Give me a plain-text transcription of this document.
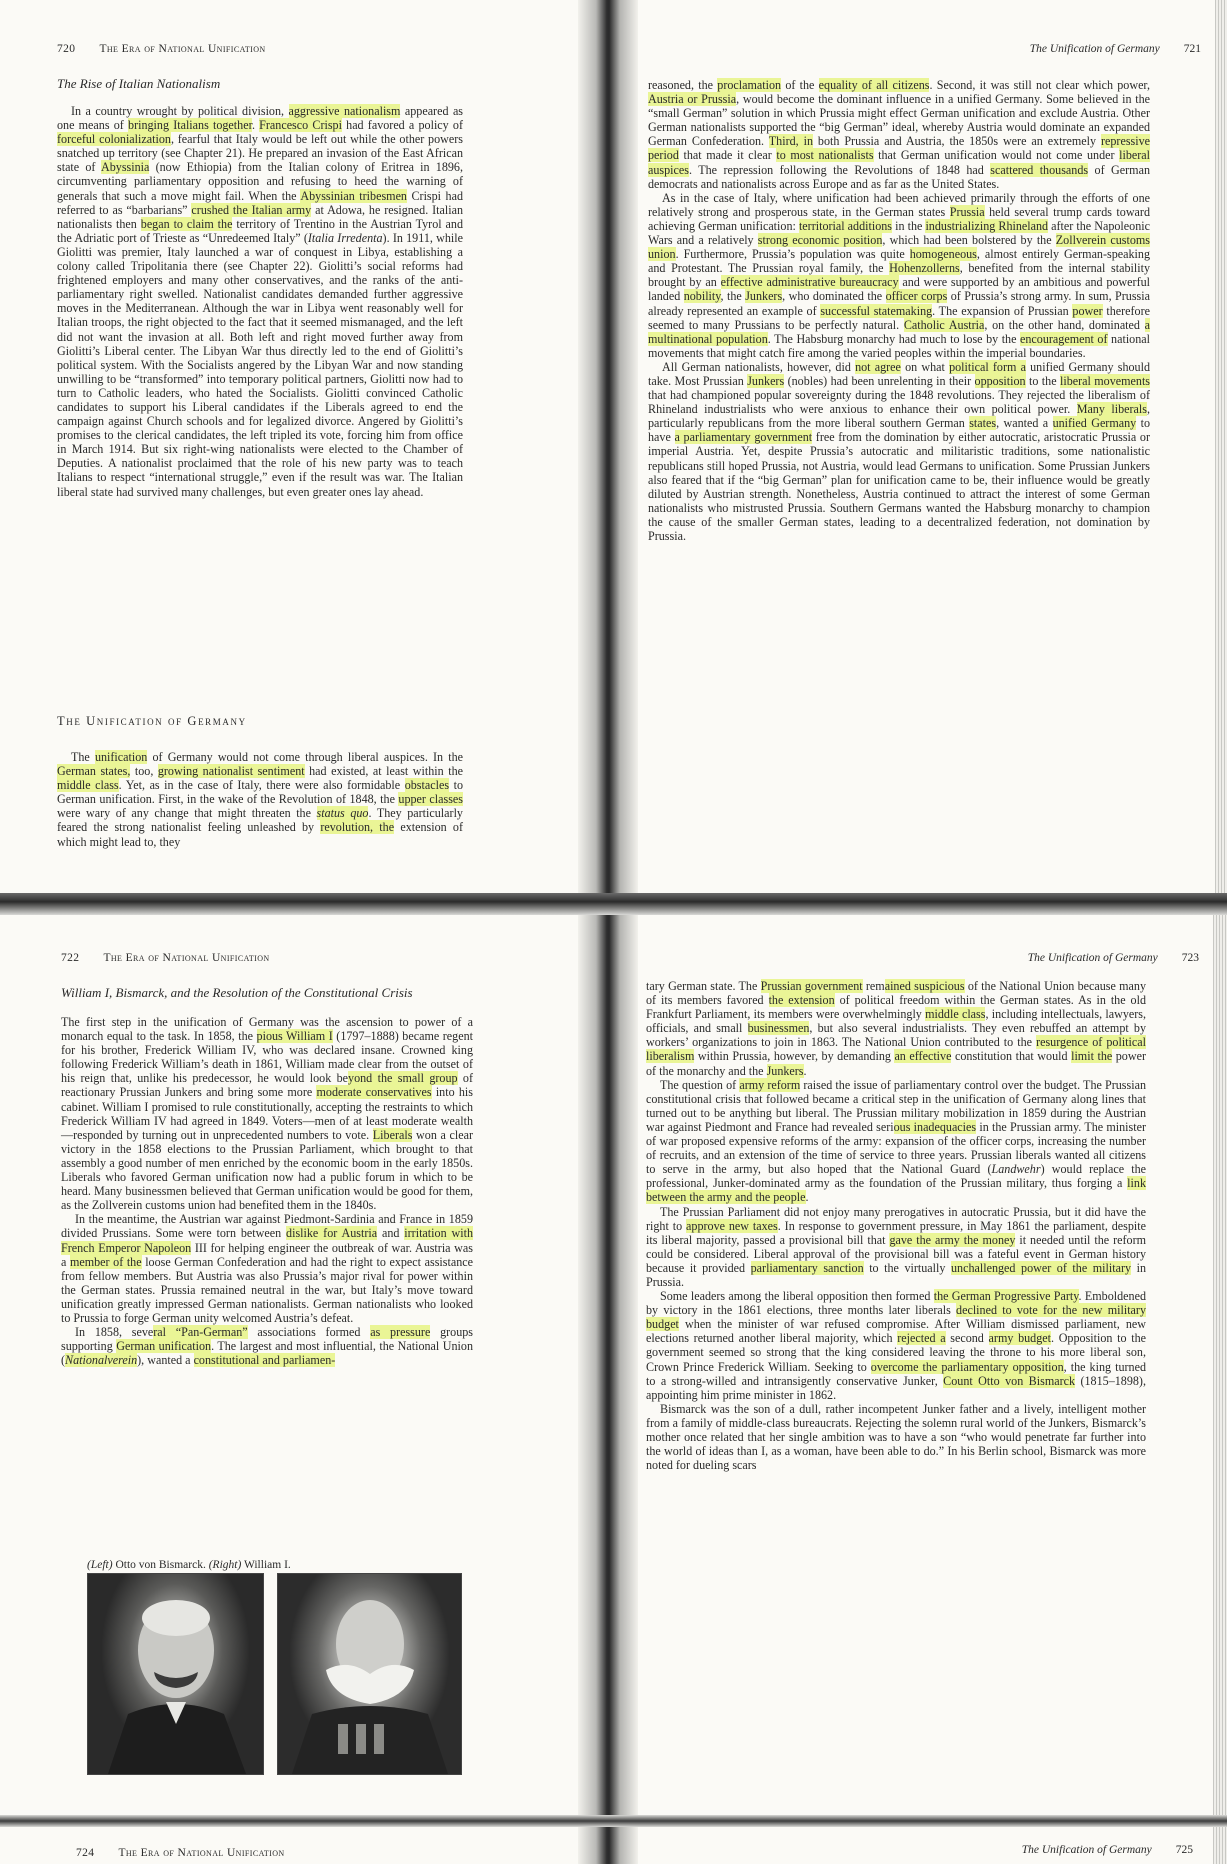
720 The Era of National Unification
The Rise of Italian Nationalism

In a country wrought by political division, aggressive nationalism appeared as one means of bringing Italians together. Francesco Crispi had favored a policy of forceful colonialization, fearful that Italy would be left out while the other powers snatched up territory (see Chapter 21). He prepared an invasion of the East African state of Abyssinia (now Ethiopia) from the Italian colony of Eritrea in 1896, circumventing parliamentary opposition and refusing to heed the warning of generals that such a move might fail. When the Abyssinian tribesmen Crispi had referred to as “barbarians” crushed the Italian army at Adowa, he resigned. Italian nationalists then began to claim the territory of Trentino in the Austrian Tyrol and the Adriatic port of Trieste as “Unredeemed Italy” (Italia Irredenta). In 1911, while Giolitti was premier, Italy launched a war of conquest in Libya, establishing a colony called Tripolitania there (see Chapter 22). Giolitti’s social reforms had frightened employers and many other conservatives, and the ranks of the anti-parliamentary right swelled. Nationalist candidates demanded further aggressive moves in the Mediterranean. Although the war in Libya went reasonably well for Italian troops, the right objected to the fact that it seemed mismanaged, and the left did not want the invasion at all. Both left and right moved further away from Giolitti’s Liberal center. The Libyan War thus directly led to the end of Giolitti’s political system. With the Socialists angered by the Libyan War and now standing unwilling to be “transformed” into temporary political partners, Giolitti now had to turn to Catholic leaders, who hated the Socialists. Giolitti convinced Catholic candidates to support his Liberal candidates if the Liberals agreed to end the campaign against Church schools and for legalized divorce. Angered by Giolitti’s promises to the clerical candidates, the left tripled its vote, forcing him from office in March 1914. But six right-wing nationalists were elected to the Chamber of Deputies. A nationalist proclaimed that the role of his new party was to teach Italians to respect “international struggle,” even if the result was war. The Italian liberal state had survived many challenges, but even greater ones lay ahead.

The Unification of Germany

The unification of Germany would not come through liberal auspices. In the German states, too, growing nationalist sentiment had existed, at least within the middle class. Yet, as in the case of Italy, there were also formidable obstacles to German unification. First, in the wake of the Revolution of 1848, the upper classes were wary of any change that might threaten the status quo. They particularly feared the strong nationalist feeling unleashed by revolution, the extension of which might lead to, they

The Unification of Germany 721

reasoned, the proclamation of the equality of all citizens. Second, it was still not clear which power, Austria or Prussia, would become the dominant influence in a unified Germany. Some believed in the “small German” solution in which Prussia might effect German unification and exclude Austria. Other German nationalists supported the “big German” ideal, whereby Austria would dominate an expanded German Confederation. Third, in both Prussia and Austria, the 1850s were an extremely repressive period that made it clear to most nationalists that German unification would not come under liberal auspices. The repression following the Revolutions of 1848 had scattered thousands of German democrats and nationalists across Europe and as far as the United States.

As in the case of Italy, where unification had been achieved primarily through the efforts of one relatively strong and prosperous state, in the German states Prussia held several trump cards toward achieving German unification: territorial additions in the industrializing Rhineland after the Napoleonic Wars and a relatively strong economic position, which had been bolstered by the Zollverein customs union. Furthermore, Prussia’s population was quite homogeneous, almost entirely German-speaking and Protestant. The Prussian royal family, the Hohenzollerns, benefited from the internal stability brought by an effective administrative bureaucracy and were supported by an ambitious and powerful landed nobility, the Junkers, who dominated the officer corps of Prussia’s strong army. In sum, Prussia already represented an example of successful statemaking. The expansion of Prussian power therefore seemed to many Prussians to be perfectly natural. Catholic Austria, on the other hand, dominated a multinational population. The Habsburg monarchy had much to lose by the encouragement of national movements that might catch fire among the varied peoples within the imperial boundaries.

All German nationalists, however, did not agree on what political form a unified Germany should take. Most Prussian Junkers (nobles) had been unrelenting in their opposition to the liberal movements that had championed popular sovereignty during the 1848 revolutions. They rejected the liberalism of Rhineland industrialists who were anxious to enhance their own political power. Many liberals, particularly republicans from the more liberal southern German states, wanted a unified Germany to have a parliamentary government free from the domination by either autocratic, aristocratic Prussia or imperial Austria. Yet, despite Prussia’s autocratic and militaristic traditions, some nationalistic republicans still hoped Prussia, not Austria, would lead Germans to unification. Some Prussian Junkers also feared that if the “big German” plan for unification came to be, their influence would be greatly diluted by Austrian strength. Nonetheless, Austria continued to attract the interest of some German nationalists who mistrusted Prussia. Southern Germans wanted the Habsburg monarchy to champion the cause of the smaller German states, leading to a decentralized federation, not domination by Prussia.

722 The Era of National Unification
William I, Bismarck, and the Resolution of the Constitutional Crisis

The first step in the unification of Germany was the ascension to power of a monarch equal to the task. In 1858, the pious William I (1797–1888) became regent for his brother, Frederick William IV, who was declared insane. Crowned king following Frederick William’s death in 1861, William made clear from the outset of his reign that, unlike his predecessor, he would look beyond the small group of reactionary Prussian Junkers and bring some more moderate conservatives into his cabinet. William I promised to rule constitutionally, accepting the restraints to which Frederick William IV had agreed in 1849. Voters—men of at least moderate wealth—responded by turning out in unprecedented numbers to vote. Liberals won a clear victory in the 1858 elections to the Prussian Parliament, which brought to that assembly a good number of men enriched by the economic boom in the early 1850s. Liberals who favored German unification now had a public forum in which to be heard. Many businessmen believed that German unification would be good for them, as the Zollverein customs union had benefited them in the 1840s.

In the meantime, the Austrian war against Piedmont-Sardinia and France in 1859 divided Prussians. Some were torn between dislike for Austria and irritation with French Emperor Napoleon III for helping engineer the outbreak of war. Austria was a member of the loose German Confederation and had the right to expect assistance from fellow members. But Austria was also Prussia’s major rival for power within the German states. Prussia remained neutral in the war, but Italy’s move toward unification greatly impressed German nationalists. German nationalists who looked to Prussia to forge German unity welcomed Austria’s defeat.

In 1858, several “Pan-German” associations formed as pressure groups supporting German unification. The largest and most influential, the National Union (Nationalverein), wanted a constitutional and parliamen-

(Left) Otto von Bismarck. (Right) William I.

The Unification of Germany 723

tary German state. The Prussian government remained suspicious of the National Union because many of its members favored the extension of political freedom within the German states. As in the old Frankfurt Parliament, its members were overwhelmingly middle class, including intellectuals, lawyers, officials, and small businessmen, but also several industrialists. They even rebuffed an attempt by workers’ organizations to join in 1863. The National Union contributed to the resurgence of political liberalism within Prussia, however, by demanding an effective constitution that would limit the power of the monarchy and the Junkers.

The question of army reform raised the issue of parliamentary control over the budget. The Prussian constitutional crisis that followed became a critical step in the unification of Germany along lines that turned out to be anything but liberal. The Prussian military mobilization in 1859 during the Austrian war against Piedmont and France had revealed serious inadequacies in the Prussian army. The minister of war proposed expensive reforms of the army: expansion of the officer corps, increasing the number of recruits, and an extension of the time of service to three years. Prussian liberals wanted all citizens to serve in the army, but also hoped that the National Guard (Landwehr) would replace the professional, Junker-dominated army as the foundation of the Prussian military, thus forging a link between the army and the people.

The Prussian Parliament did not enjoy many prerogatives in autocratic Prussia, but it did have the right to approve new taxes. In response to government pressure, in May 1861 the parliament, despite its liberal majority, passed a provisional bill that gave the army the money it needed until the reform could be considered. Liberal approval of the provisional bill was a fateful event in German history because it provided parliamentary sanction to the virtually unchallenged power of the military in Prussia.

Some leaders among the liberal opposition then formed the German Progressive Party. Emboldened by victory in the 1861 elections, three months later liberals declined to vote for the new military budget when the minister of war refused compromise. After William dismissed parliament, new elections returned another liberal majority, which rejected a second army budget. Opposition to the government seemed so strong that the king considered leaving the throne to his more liberal son, Crown Prince Frederick William. Seeking to overcome the parliamentary opposition, the king turned to a strong-willed and intransigently conservative Junker, Count Otto von Bismarck (1815–1898), appointing him prime minister in 1862.

Bismarck was the son of a dull, rather incompetent Junker father and a lively, intelligent mother from a family of middle-class bureaucrats. Rejecting the solemn rural world of the Junkers, Bismarck’s mother once related that her single ambition was to have a son “who would penetrate far further into the world of ideas than I, as a woman, have been able to do.” In his Berlin school, Bismarck was more noted for dueling scars

724 The Era of National Unification	The Unification of Germany 725
